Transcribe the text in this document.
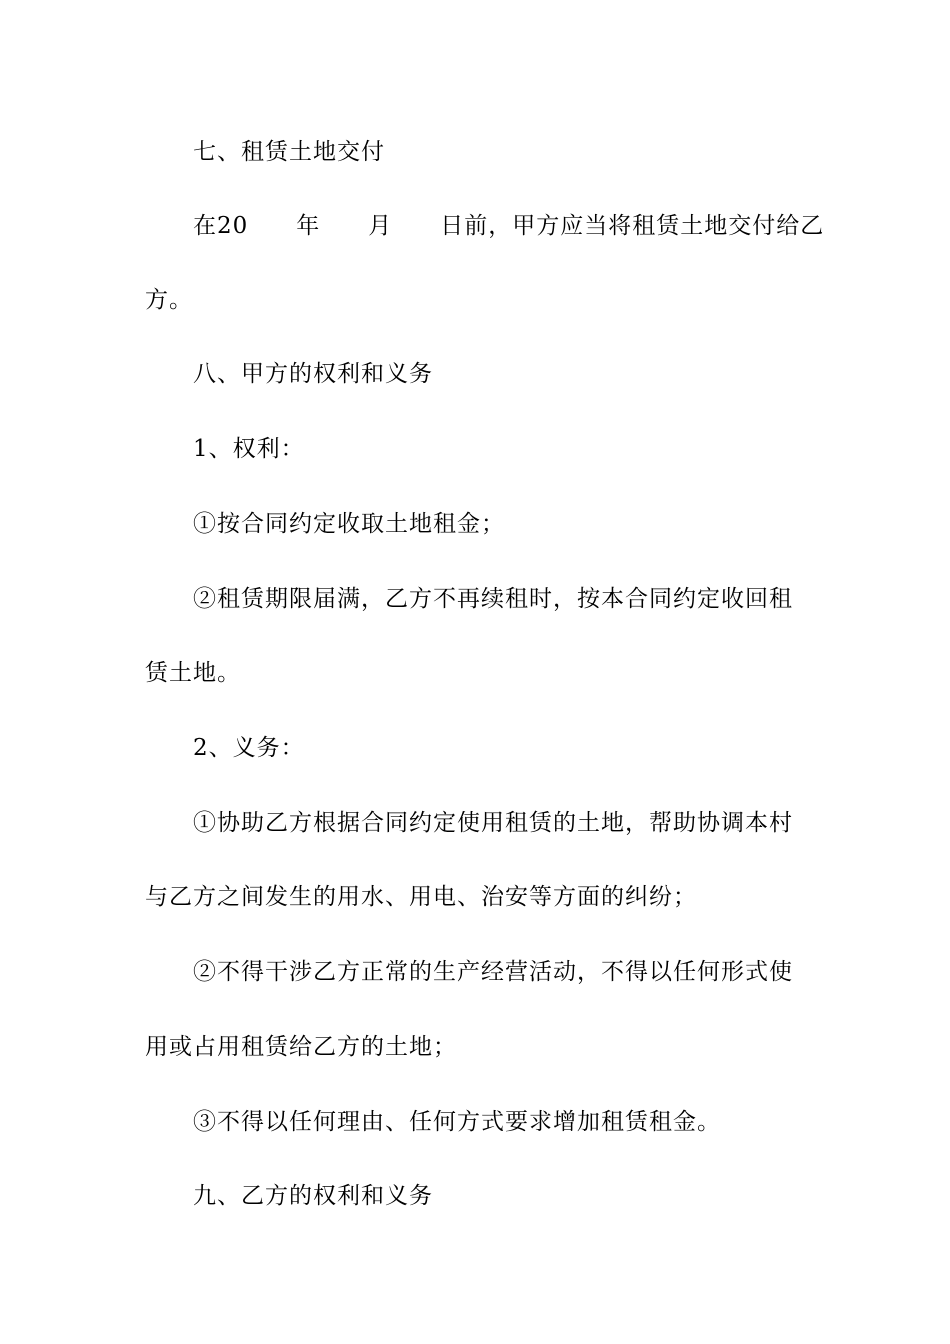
七、租赁土地交付
在20　　年　　月　　日前，甲方应当将租赁土地交付给乙
方。
八、甲方的权利和义务
1、权利：
①按合同约定收取土地租金；
②租赁期限届满，乙方不再续租时，按本合同约定收回租
赁土地。
2、义务：
①协助乙方根据合同约定使用租赁的土地，帮助协调本村
与乙方之间发生的用水、用电、治安等方面的纠纷；
②不得干涉乙方正常的生产经营活动，不得以任何形式使
用或占用租赁给乙方的土地；
③不得以任何理由、任何方式要求增加租赁租金。
九、乙方的权利和义务
